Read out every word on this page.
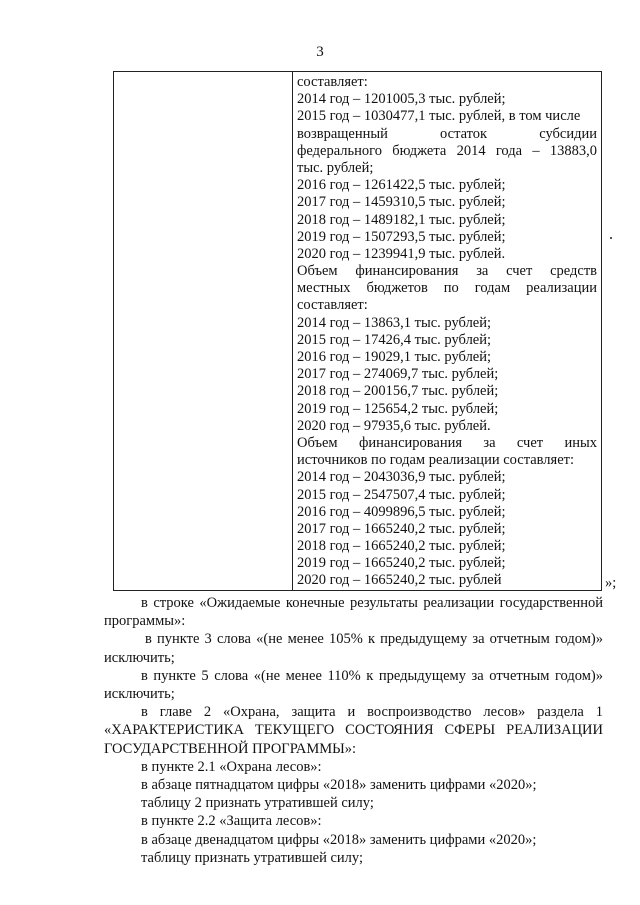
3
составляет:
2014 год – 1201005,3 тыс. рублей;
2015 год – 1030477,1 тыс. рублей, в том числе
возвращенный остаток субсидии
федерального бюджета 2014 года – 13883,0
тыс. рублей;
2016 год – 1261422,5 тыс. рублей;
2017 год – 1459310,5 тыс. рублей;
2018 год – 1489182,1 тыс. рублей;
2019 год – 1507293,5 тыс. рублей;
2020 год – 1239941,9 тыс. рублей.
Объем финансирования за счет средств
местных бюджетов по годам реализации
составляет:
2014 год – 13863,1 тыс. рублей;
2015 год – 17426,4 тыс. рублей;
2016 год – 19029,1 тыс. рублей;
2017 год – 274069,7 тыс. рублей;
2018 год – 200156,7 тыс. рублей;
2019 год – 125654,2 тыс. рублей;
2020 год – 97935,6 тыс. рублей.
Объем финансирования за счет иных
источников по годам реализации составляет:
2014 год – 2043036,9 тыс. рублей;
2015 год – 2547507,4 тыс. рублей;
2016 год – 4099896,5 тыс. рублей;
2017 год – 1665240,2 тыс. рублей;
2018 год – 1665240,2 тыс. рублей;
2019 год – 1665240,2 тыс. рублей;
2020 год – 1665240,2 тыс. рублей	»;

в строке «Ожидаемые конечные результаты реализации государственной программы»:

в пункте 3 слова «(не менее 105% к предыдущему за отчетным годом)» исключить;

в пункте 5 слова «(не менее 110% к предыдущему за отчетным годом)» исключить;

в главе 2 «Охрана, защита и воспроизводство лесов» раздела 1 «ХАРАКТЕРИСТИКА ТЕКУЩЕГО СОСТОЯНИЯ СФЕРЫ РЕАЛИЗАЦИИ ГОСУДАРСТВЕННОЙ ПРОГРАММЫ»:

в пункте 2.1 «Охрана лесов»:

в абзаце пятнадцатом цифры «2018» заменить цифрами «2020»;

таблицу 2 признать утратившей силу;

в пункте 2.2 «Защита лесов»:

в абзаце двенадцатом цифры «2018» заменить цифрами «2020»;

таблицу признать утратившей силу;
